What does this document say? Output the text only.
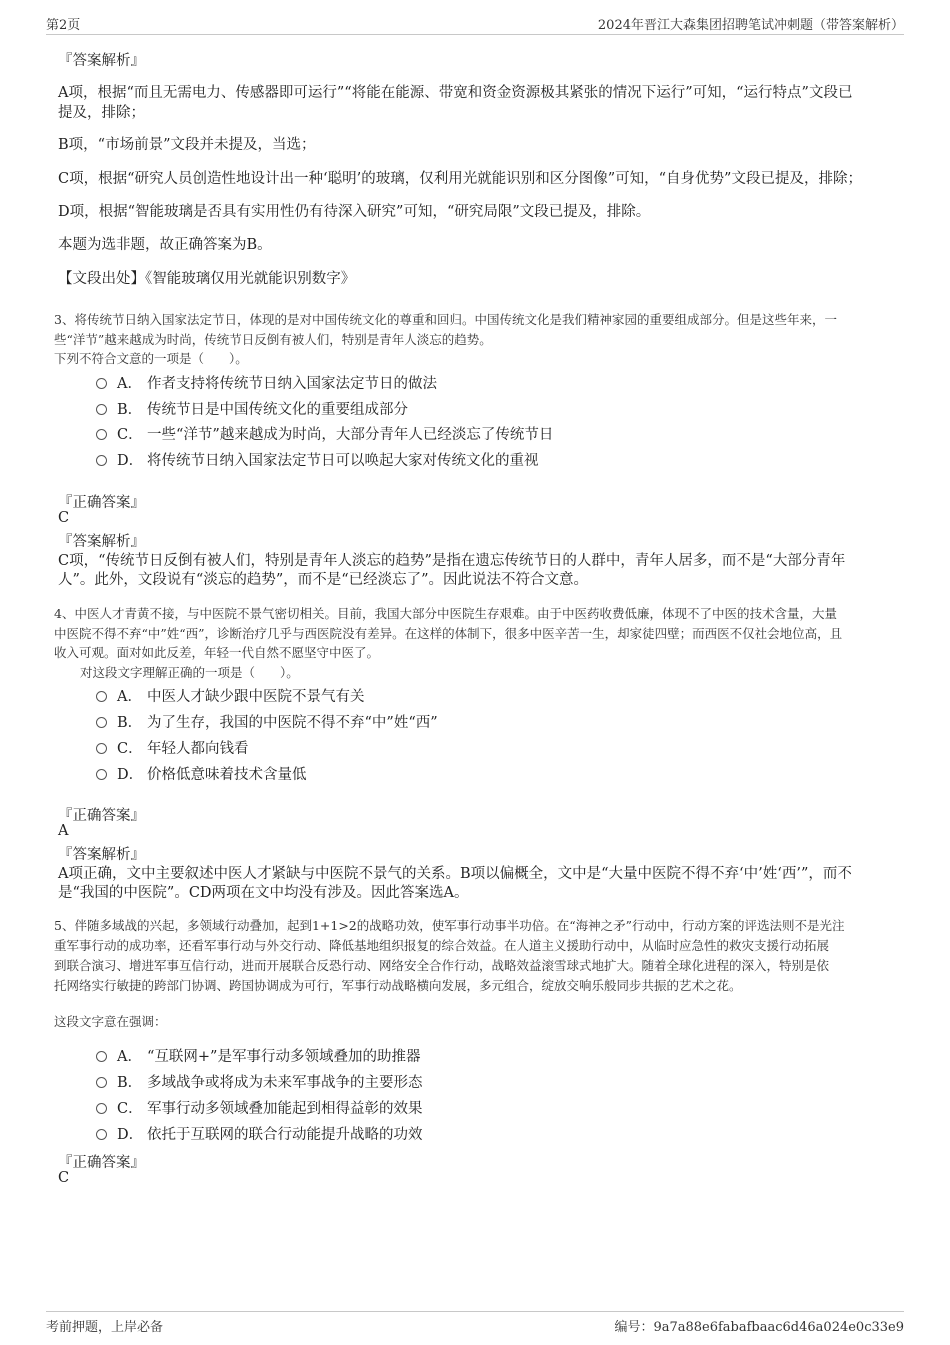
第2页	2024年晋江大森集团招聘笔试冲刺题（带答案解析）
『答案解析』
A项，根据“而且无需电力、传感器即可运行”“将能在能源、带宽和资金资源极其紧张的情况下运行”可知，“运行特点”文段已
提及，排除；
B项，“市场前景”文段并未提及，当选；
C项，根据“研究人员创造性地设计出一种‘聪明’的玻璃，仅利用光就能识别和区分图像”可知，“自身优势”文段已提及，排除；
D项，根据“智能玻璃是否具有实用性仍有待深入研究”可知，“研究局限”文段已提及，排除。
本题为选非题，故正确答案为B。
【文段出处】《智能玻璃仅用光就能识别数字》
3、将传统节日纳入国家法定节日，体现的是对中国传统文化的尊重和回归。中国传统文化是我们精神家园的重要组成部分。但是这些年来，一
些“洋节”越来越成为时尚，传统节日反倒有被人们，特别是青年人淡忘的趋势。
下列不符合文意的一项是（　　）。
A． 作者支持将传统节日纳入国家法定节日的做法
B． 传统节日是中国传统文化的重要组成部分
C． 一些“洋节”越来越成为时尚，大部分青年人已经淡忘了传统节日
D． 将传统节日纳入国家法定节日可以唤起大家对传统文化的重视
『正确答案』
C
『答案解析』
C项，“传统节日反倒有被人们，特别是青年人淡忘的趋势”是指在遗忘传统节日的人群中，青年人居多，而不是“大部分青年
人”。此外，文段说有“淡忘的趋势”，而不是“已经淡忘了”。因此说法不符合文意。
4、中医人才青黄不接，与中医院不景气密切相关。目前，我国大部分中医院生存艰难。由于中医药收费低廉，体现不了中医的技术含量，大量
中医院不得不弃“中”姓“西”，诊断治疗几乎与西医院没有差异。在这样的体制下，很多中医辛苦一生，却家徒四壁；而西医不仅社会地位高，且
收入可观。面对如此反差，年轻一代自然不愿坚守中医了。
对这段文字理解正确的一项是（　　）。
A． 中医人才缺少跟中医院不景气有关
B． 为了生存，我国的中医院不得不弃“中”姓“西”
C． 年轻人都向钱看
D． 价格低意味着技术含量低
『正确答案』
A
『答案解析』
A项正确，文中主要叙述中医人才紧缺与中医院不景气的关系。B项以偏概全，文中是“大量中医院不得不弃‘中’姓‘西’”，而不
是“我国的中医院”。CD两项在文中均没有涉及。因此答案选A。
5、伴随多域战的兴起，多领域行动叠加，起到1+1>2的战略功效，使军事行动事半功倍。在“海神之矛”行动中，行动方案的评选法则不是光注
重军事行动的成功率，还看军事行动与外交行动、降低基地组织报复的综合效益。在人道主义援助行动中，从临时应急性的救灾支援行动拓展
到联合演习、增进军事互信行动，进而开展联合反恐行动、网络安全合作行动，战略效益滚雪球式地扩大。随着全球化进程的深入，特别是依
托网络实行敏捷的跨部门协调、跨国协调成为可行，军事行动战略横向发展，多元组合，绽放交响乐般同步共振的艺术之花。
这段文字意在强调：
A． “互联网+”是军事行动多领域叠加的助推器
B． 多域战争或将成为未来军事战争的主要形态
C． 军事行动多领域叠加能起到相得益彰的效果
D． 依托于互联网的联合行动能提升战略的功效
『正确答案』
C
考前押题，上岸必备	编号：9a7a88e6fabafbaac6d46a024e0c33e9
